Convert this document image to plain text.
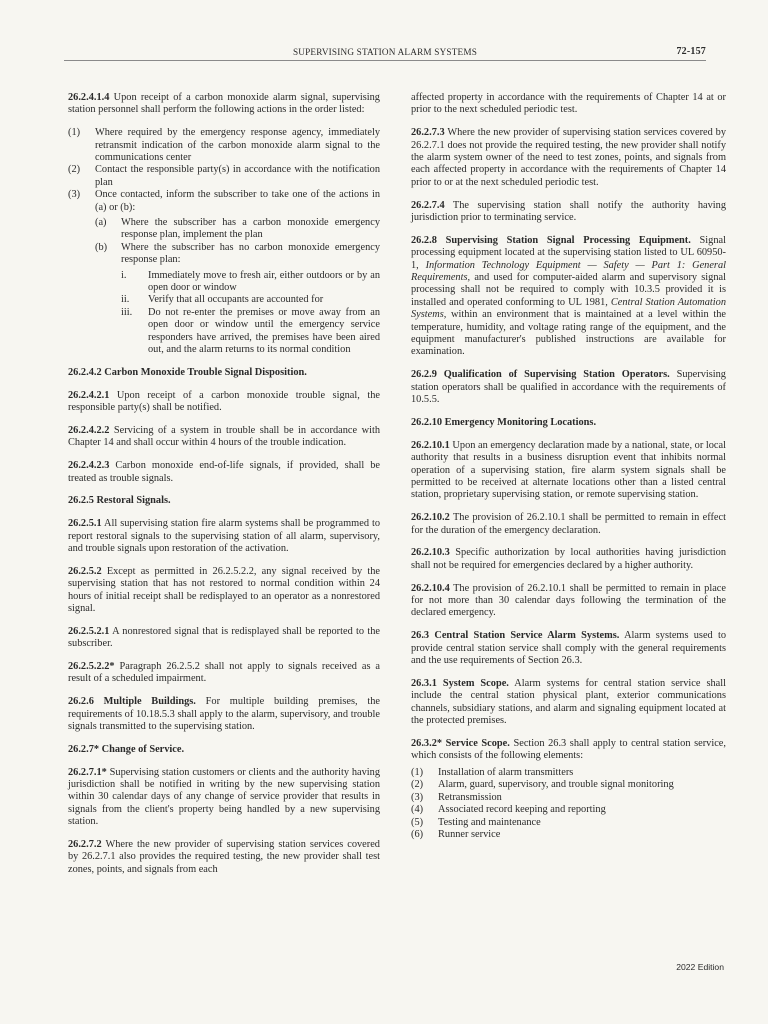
SUPERVISING STATION ALARM SYSTEMS	72-157

26.2.4.1.4 Upon receipt of a carbon monoxide alarm signal, supervising station personnel shall perform the following actions in the order listed:

(1)	Where required by the emergency response agency, immediately retransmit indication of the carbon monoxide alarm signal to the communications center
(2)	Contact the responsible party(s) in accordance with the notification plan
(3)	Once contacted, inform the subscriber to take one of the actions in (a) or (b):
(a)	Where the subscriber has a carbon monoxide emergency response plan, implement the plan
(b)	Where the subscriber has no carbon monoxide emergency response plan:
i.	Immediately move to fresh air, either outdoors or by an open door or window
ii.	Verify that all occupants are accounted for
iii.	Do not re-enter the premises or move away from an open door or window until the emergency service responders have arrived, the premises have been aired out, and the alarm returns to its normal condition

26.2.4.2 Carbon Monoxide Trouble Signal Disposition.

26.2.4.2.1 Upon receipt of a carbon monoxide trouble signal, the responsible party(s) shall be notified.

26.2.4.2.2 Servicing of a system in trouble shall be in accordance with Chapter 14 and shall occur within 4 hours of the trouble indication.

26.2.4.2.3 Carbon monoxide end-of-life signals, if provided, shall be treated as trouble signals.

26.2.5 Restoral Signals.

26.2.5.1 All supervising station fire alarm systems shall be programmed to report restoral signals to the supervising station of all alarm, supervisory, and trouble signals upon restoration of the activation.

26.2.5.2 Except as permitted in 26.2.5.2.2, any signal received by the supervising station that has not restored to normal condition within 24 hours of initial receipt shall be redisplayed to an operator as a nonrestored signal.

26.2.5.2.1 A nonrestored signal that is redisplayed shall be reported to the subscriber.

26.2.5.2.2* Paragraph 26.2.5.2 shall not apply to signals received as a result of a scheduled impairment.

26.2.6 Multiple Buildings. For multiple building premises, the requirements of 10.18.5.3 shall apply to the alarm, supervisory, and trouble signals transmitted to the supervising station.

26.2.7* Change of Service.

26.2.7.1* Supervising station customers or clients and the authority having jurisdiction shall be notified in writing by the new supervising station within 30 calendar days of any change of service provider that results in signals from the client's property being handled by a new supervising station.

26.2.7.2 Where the new provider of supervising station services covered by 26.2.7.1 also provides the required testing, the new provider shall test zones, points, and signals from each

affected property in accordance with the requirements of Chapter 14 at or prior to the next scheduled periodic test.

26.2.7.3 Where the new provider of supervising station services covered by 26.2.7.1 does not provide the required testing, the new provider shall notify the alarm system owner of the need to test zones, points, and signals from each affected property in accordance with the requirements of Chapter 14 prior to or at the next scheduled periodic test.

26.2.7.4 The supervising station shall notify the authority having jurisdiction prior to terminating service.

26.2.8 Supervising Station Signal Processing Equipment. Signal processing equipment located at the supervising station listed to UL 60950-1, Information Technology Equipment — Safety — Part 1: General Requirements, and used for computer-aided alarm and supervisory signal processing shall not be required to comply with 10.3.5 provided it is installed and operated conforming to UL 1981, Central Station Automation Systems, within an environment that is maintained at a level within the temperature, humidity, and voltage rating range of the equipment, and the equipment manufacturer's published instructions are available for examination.

26.2.9 Qualification of Supervising Station Operators. Supervising station operators shall be qualified in accordance with the requirements of 10.5.5.

26.2.10 Emergency Monitoring Locations.

26.2.10.1 Upon an emergency declaration made by a national, state, or local authority that results in a business disruption event that inhibits normal operation of a supervising station, fire alarm system signals shall be permitted to be received at alternate locations other than a listed central station, proprietary supervising station, or remote supervising station.

26.2.10.2 The provision of 26.2.10.1 shall be permitted to remain in effect for the duration of the emergency declaration.

26.2.10.3 Specific authorization by local authorities having jurisdiction shall not be required for emergencies declared by a higher authority.

26.2.10.4 The provision of 26.2.10.1 shall be permitted to remain in place for not more than 30 calendar days following the termination of the declared emergency.

26.3 Central Station Service Alarm Systems. Alarm systems used to provide central station service shall comply with the general requirements and the use requirements of Section 26.3.

26.3.1 System Scope. Alarm systems for central station service shall include the central station physical plant, exterior communications channels, subsidiary stations, and alarm and signaling equipment located at the protected premises.

26.3.2* Service Scope. Section 26.3 shall apply to central station service, which consists of the following elements:

(1)	Installation of alarm transmitters
(2)	Alarm, guard, supervisory, and trouble signal monitoring
(3)	Retransmission
(4)	Associated record keeping and reporting
(5)	Testing and maintenance
(6)	Runner service
2022 Edition
